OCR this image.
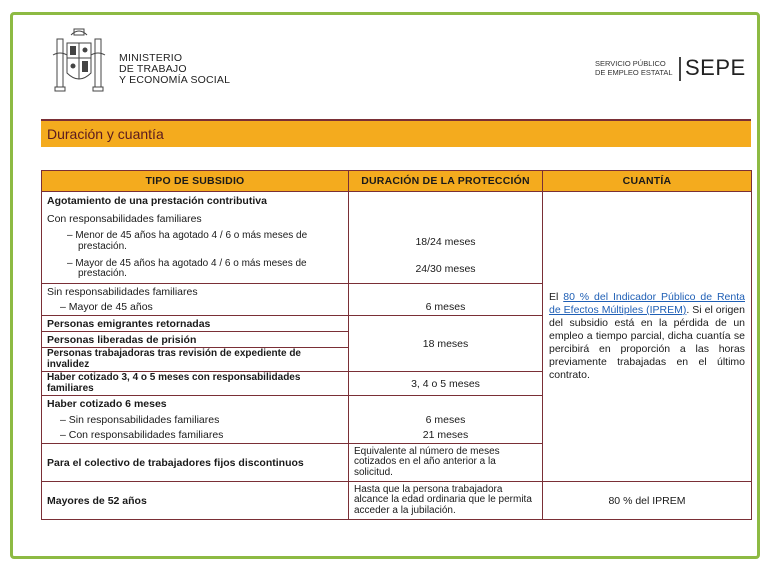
MINISTERIO
DE TRABAJO
Y ECONOMÍA SOCIAL
SERVICIO PÚBLICO
DE EMPLEO ESTATAL SEPE
Duración y cuantía
TIPO DE SUBSIDIO	DURACIÓN DE LA PROTECCIÓN	CUANTÍA
Agotamiento de una prestación contributiva		El 80 % del Indicador Público de Renta de Efectos Múltiples (IPREM). Si el origen del subsidio está en la pérdida de un empleo a tiempo parcial, dicha cuantía se percibirá en proporción a las horas previamente trabajadas en el último contrato.
Con responsabilidades familiares		
– Menor de 45 años ha agotado 4 / 6 o más meses de prestación.	18/24 meses	
– Mayor de 45 años ha agotado 4 / 6 o más meses de prestación.	24/30 meses	
Sin responsabilidades familiares		
– Mayor de 45 años	6 meses	
Personas emigrantes retornadas	18 meses	
Personas liberadas de prisión		
Personas trabajadoras tras revisión de expediente de invalidez		
Haber cotizado 3, 4 o 5 meses con responsabilidades familiares	3, 4 o 5 meses	
Haber cotizado 6 meses		
– Sin responsabilidades familiares	6 meses	
– Con responsabilidades familiares	21 meses	
Para el colectivo de trabajadores fijos discontinuos	Equivalente al número de meses cotizados en el año anterior a la solicitud.	
Mayores de 52 años	Hasta que la persona trabajadora alcance la edad ordinaria que le permita acceder a la jubilación.	80 % del IPREM
